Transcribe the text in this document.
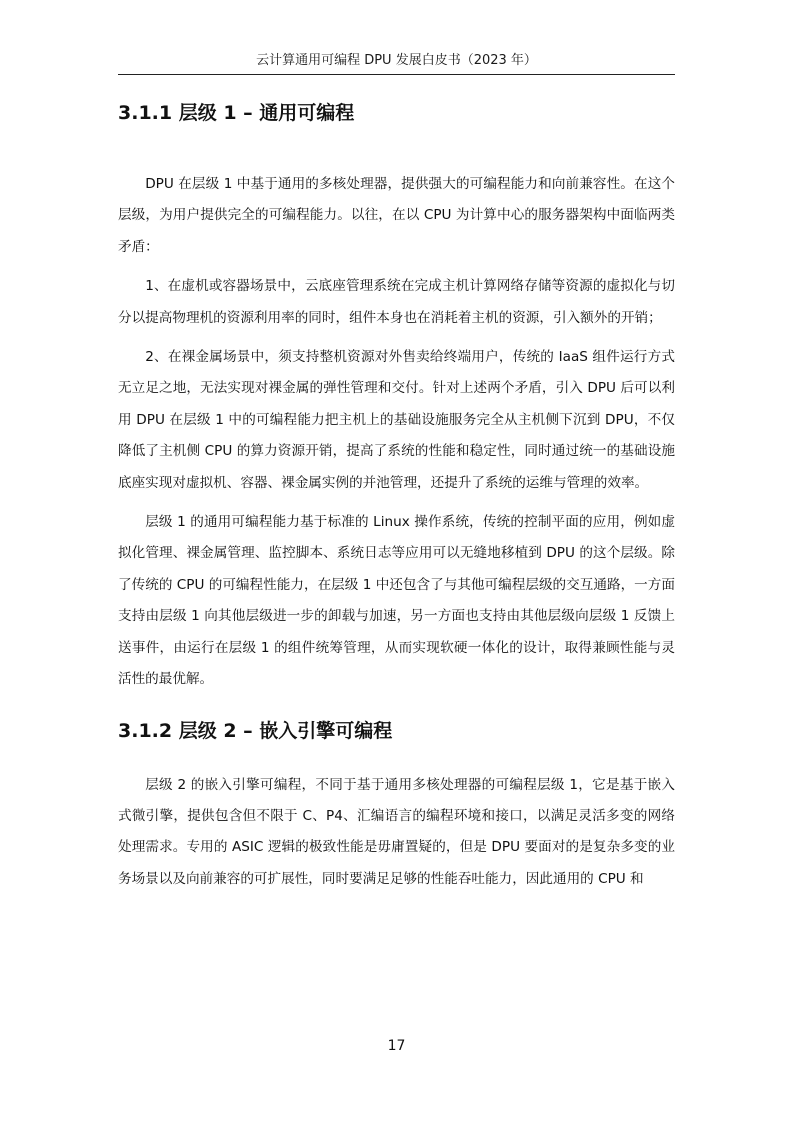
云计算通用可编程 DPU 发展白皮书（2023 年）
3.1.1 层级 1 – 通用可编程

DPU 在层级 1 中基于通用的多核处理器，提供强大的可编程能力和向前兼容性。在这个层级，为用户提供完全的可编程能力。以往，在以 CPU 为计算中心的服务器架构中面临两类矛盾：

1、在虚机或容器场景中，云底座管理系统在完成主机计算网络存储等资源的虚拟化与切分以提高物理机的资源利用率的同时，组件本身也在消耗着主机的资源，引入额外的开销；

2、在裸金属场景中，须支持整机资源对外售卖给终端用户，传统的 IaaS 组件运行方式无立足之地，无法实现对裸金属的弹性管理和交付。针对上述两个矛盾，引入 DPU 后可以利用 DPU 在层级 1 中的可编程能力把主机上的基础设施服务完全从主机侧下沉到 DPU，不仅降低了主机侧 CPU 的算力资源开销，提高了系统的性能和稳定性，同时通过统一的基础设施底座实现对虚拟机、容器、裸金属实例的并池管理，还提升了系统的运维与管理的效率。

层级 1 的通用可编程能力基于标准的 Linux 操作系统，传统的控制平面的应用，例如虚拟化管理、裸金属管理、监控脚本、系统日志等应用可以无缝地移植到 DPU 的这个层级。除了传统的 CPU 的可编程性能力，在层级 1 中还包含了与其他可编程层级的交互通路，一方面支持由层级 1 向其他层级进一步的卸载与加速，另一方面也支持由其他层级向层级 1 反馈上送事件，由运行在层级 1 的组件统筹管理，从而实现软硬一体化的设计，取得兼顾性能与灵活性的最优解。

3.1.2 层级 2 – 嵌入引擎可编程

层级 2 的嵌入引擎可编程，不同于基于通用多核处理器的可编程层级 1，它是基于嵌入式微引擎，提供包含但不限于 C、P4、汇编语言的编程环境和接口，以满足灵活多变的网络处理需求。专用的 ASIC 逻辑的极致性能是毋庸置疑的，但是 DPU 要面对的是复杂多变的业务场景以及向前兼容的可扩展性，同时要满足足够的性能吞吐能力，因此通用的 CPU 和

17
